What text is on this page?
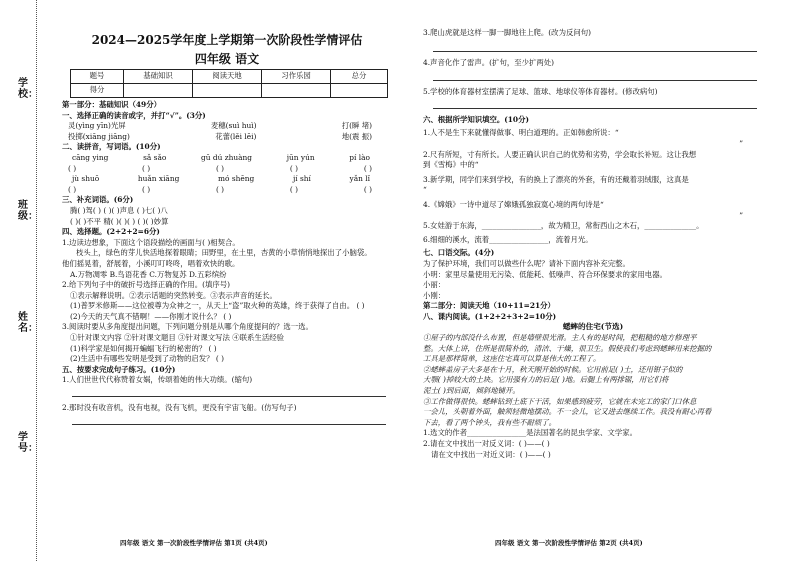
学校：
班级：
姓名：
学号：
2024—2025学年度上学期第一次阶段性学情评估
四年级 语文
题号	基础知识	阅读天地	习作乐园	总分
得分				
第一部分：基础知识（49分）
一、选择正确的读音或字，并打“√”。(3分)
灵(yìng yīn)光屏	麦穗(suì huì)	打(瞬 堵)
投掷(xiāng jiāng)	花蕾(lěi lēi)	地(震 振)
二、读拼音，写词语。(10分)
cāng ying	sǎ sǎo	gū dú zhuàng	jūn yún	pí lào
( )	( )	( )	( )	( )
jù shuō	huǎn xiāng	mó shēng	jí shí	yǎn lǐ
( )	( )	( )	( )	( )
三、补充词语。(6分)
腾( )驾( ) ( )( )声息 ( )七( )八
( )( )不平 精( )( )( ) ( )( )妙算
四、选择题。(2+2+2=6分)
1.边读边想象，下面这个语段描绘的画面与( )相契合。
枝头上，绿色的芽儿快活地探着眼睛；田野里，在土里，杏黄的小草悄悄地探出了小脑袋。
他们摇晃着，舒展着，小溪叮叮咚咚，唱着欢快的歌。
A.万物凋零 B.鸟语花香 C.万物复苏 D.五彩缤纷
2.给下列句子中的破折号选择正确的作用。(填序号)
①表示解释说明。②表示话题的突然转变。③表示声音的延长。
(1)普罗米修斯——这位被尊为众神之一，从天上“盗”取火种的英雄，终于获得了自由。 ( )
(2)今天的天气真不错啊！——你刚才说什么？ ( )
3.阅读时要从多角度提出问题，下列问题分别是从哪个角度提问的？选一选。
①针对课文内容 ②针对课文题目 ③针对课文写法 ④联系生活经验
(1)科学家是如何揭开蝙蝠飞行的秘密的？ ( )
(2)生活中有哪些发明是受到了动物的启发？ ( )
五、按要求完成句子练习。(10分)
1.人们世世代代称赞着女娲，传颂着她的伟大功绩。(缩句)
2.那时没有收音机，没有电视，没有飞机，更没有宇宙飞船。(仿写句子)
四年级 语文 第一次阶段性学情评估 第1页 (共4页)
3.爬山虎就是这样一脚一脚地往上爬。(改为反问句)
4.声音化作了雷声。(扩句，至少扩两处)
5.学校的体育器材室摆满了足球、篮球、地球仪等体育器材。(修改病句)
六、根据所学知识填空。(10分)
1.人不是生下来就懂得做事、明白道理的。正如韩愈所说：“
”
2.尺有所短，寸有所长。人要正确认识自己的优势和劣势，学会取长补短。这让我想
到《雪梅》中的“
3.新学期，同学们来到学校，有的换上了漂亮的外套，有的还戴着羽绒服，这真是
“
4.《嫦娥》一诗中道尽了嫦娥孤独寂寞心境的两句诗是“
”
5.女娃游于东海，________________，故为精卫，常衔西山之木石，______________。
6.细细的溪水，流着________________，流着月光。
七、口语交际。(4分)
为了保护环境，我们可以做些什么呢？请补下面内容补充完整。
小明：家里尽量使用无污染、低能耗、低噪声、符合环保要求的家用电器。
小丽：
小刚：
第二部分：阅读天地（10+11=21分）
八、课内阅读。(1+2+2+3+2=10分)
蟋蟀的住宅(节选)
①屋子的内部没什么布置，但是墙壁很光滑。主人有的是时间，把粗糙的地方修理平
整。大体上讲，住所是很简朴的，清洁、干燥，很卫生。假使我们考虑到蟋蟀用来挖掘的
工具是那样简单，这座住宅真可以算是伟大的工程了。
②蟋蟀盖房子大多是在十月，秋天刚开始的时候。它用前足( )土，还用钳子似的
大颚( )掉较大的土块。它用强有力的后足( )地。后腿上有两排锯，用它们将
泥土( )到后面，倾斜地铺开。
③工作做得很快。蟋蟀钻到土底下干活，如果感到疲劳，它就在未完工的家门口休息
一会儿，头朝着外面，触须轻微地摆动。不一会儿，它又进去继续工作。我没有耐心再看
下去，看了两个钟头，我有些不耐烦了。
1.选文的作者________________是法国著名的昆虫学家、文学家。
2.请在文中找出一对反义词：( )——( )
请在文中找出一对近义词：( )——( )
四年级 语文 第一次阶段性学情评估 第2页 (共4页)
